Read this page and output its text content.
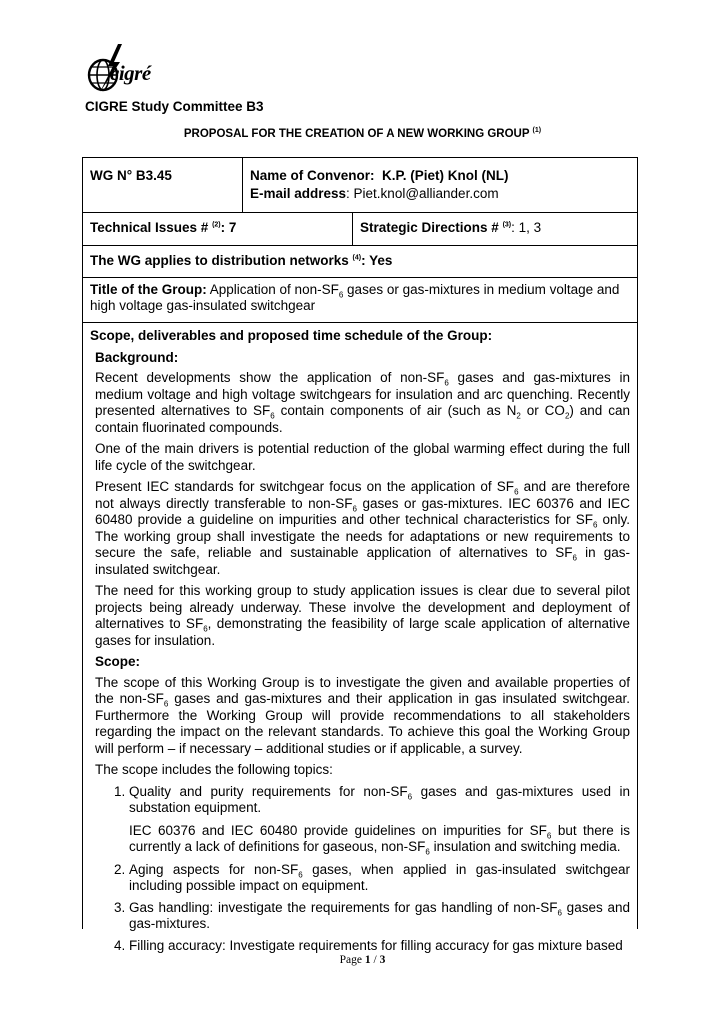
cigré
CIGRE Study Committee B3
PROPOSAL FOR THE CREATION OF A NEW WORKING GROUP $^{(1)}$
WG N° B3.45	Name of Convenor: K.P. (Piet) Knol (NL)
E-mail address: Piet.knol@alliander.com
Technical Issues # $^{(2)}$: 7	Strategic Directions # $^{(3)}$: 1, 3
The WG applies to distribution networks $^{(4)}$: Yes
Title of the Group: Application of non-$SF_6$ gases or gas-mixtures in medium voltage and high voltage gas-insulated switchgear
Scope, deliverables and proposed time schedule of the Group:
Background:

Recent developments show the application of non-$SF_6$ gases and gas-mixtures in medium voltage and high voltage switchgears for insulation and arc quenching. Recently presented alternatives to $SF_6$ contain components of air (such as $N_2$ or $CO_2$) and can contain fluorinated compounds.

One of the main drivers is potential reduction of the global warming effect during the full life cycle of the switchgear.

Present IEC standards for switchgear focus on the application of $SF_6$ and are therefore not always directly transferable to non-$SF_6$ gases or gas-mixtures. IEC 60376 and IEC 60480 provide a guideline on impurities and other technical characteristics for $SF_6$ only. The working group shall investigate the needs for adaptations or new requirements to secure the safe, reliable and sustainable application of alternatives to $SF_6$ in gas-insulated switchgear.

The need for this working group to study application issues is clear due to several pilot projects being already underway. These involve the development and deployment of alternatives to $SF_6$, demonstrating the feasibility of large scale application of alternative gases for insulation.

Scope:

The scope of this Working Group is to investigate the given and available properties of the non-$SF_6$ gases and gas-mixtures and their application in gas insulated switchgear. Furthermore the Working Group will provide recommendations to all stakeholders regarding the impact on the relevant standards. To achieve this goal the Working Group will perform – if necessary – additional studies or if applicable, a survey.

The scope includes the following topics:

1. Quality and purity requirements for non-$SF_6$ gases and gas-mixtures used in substation equipment.

IEC 60376 and IEC 60480 provide guidelines on impurities for $SF_6$ but there is currently a lack of definitions for gaseous, non-$SF_6$ insulation and switching media.

2. Aging aspects for non-$SF_6$ gases, when applied in gas-insulated switchgear including possible impact on equipment.
3. Gas handling: investigate the requirements for gas handling of non-$SF_6$ gases and gas-mixtures.
4. Filling accuracy: Investigate requirements for filling accuracy for gas mixture based
Page 1 / 3
